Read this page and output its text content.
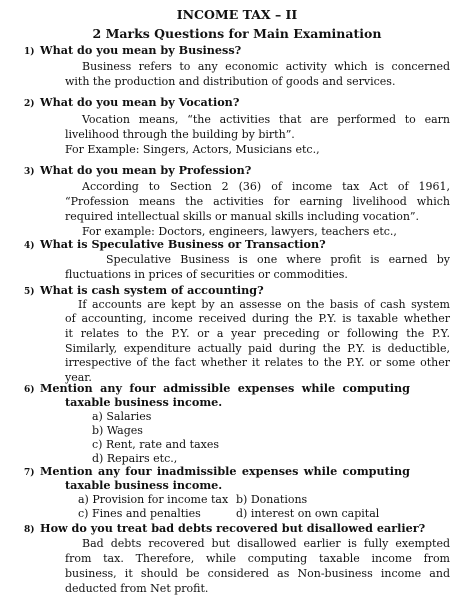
INCOME TAX – II
2 Marks Questions for Main Examination
1) What do you mean by Business?
Business refers to any economic activity which is concerned
with the production and distribution of goods and services.
2) What do you mean by Vocation?
Vocation means, “the activities that are performed to earn
livelihood through the building by birth”.
For Example: Singers, Actors, Musicians etc.,
3) What do you mean by Profession?
According to Section 2 (36) of income tax Act of 1961,
“Profession means the activities for earning livelihood which
required intellectual skills or manual skills including vocation”.
For example: Doctors, engineers, lawyers, teachers etc.,
4) What is Speculative Business or Transaction?
Speculative Business is one where profit is earned by
fluctuations in prices of securities or commodities.
5) What is cash system of accounting?
If accounts are kept by an assesse on the basis of cash system
of accounting, income received during the P.Y. is taxable whether
it relates to the P.Y. or a year preceding or following the P.Y.
Similarly, expenditure actually paid during the P.Y. is deductible,
irrespective of the fact whether it relates to the P.Y. or some other
year.
6) Mention any four admissible expenses while computing
taxable business income.
a) Salaries
b) Wages
c) Rent, rate and taxes
d) Repairs etc.,
7) Mention any four inadmissible expenses while computing
taxable business income.
a) Provision for income tax b) Donations
c) Fines and penalties	d) interest on own capital
8) How do you treat bad debts recovered but disallowed earlier?
Bad debts recovered but disallowed earlier is fully exempted
from tax. Therefore, while computing taxable income from
business, it should be considered as Non-business income and
deducted from Net profit.
